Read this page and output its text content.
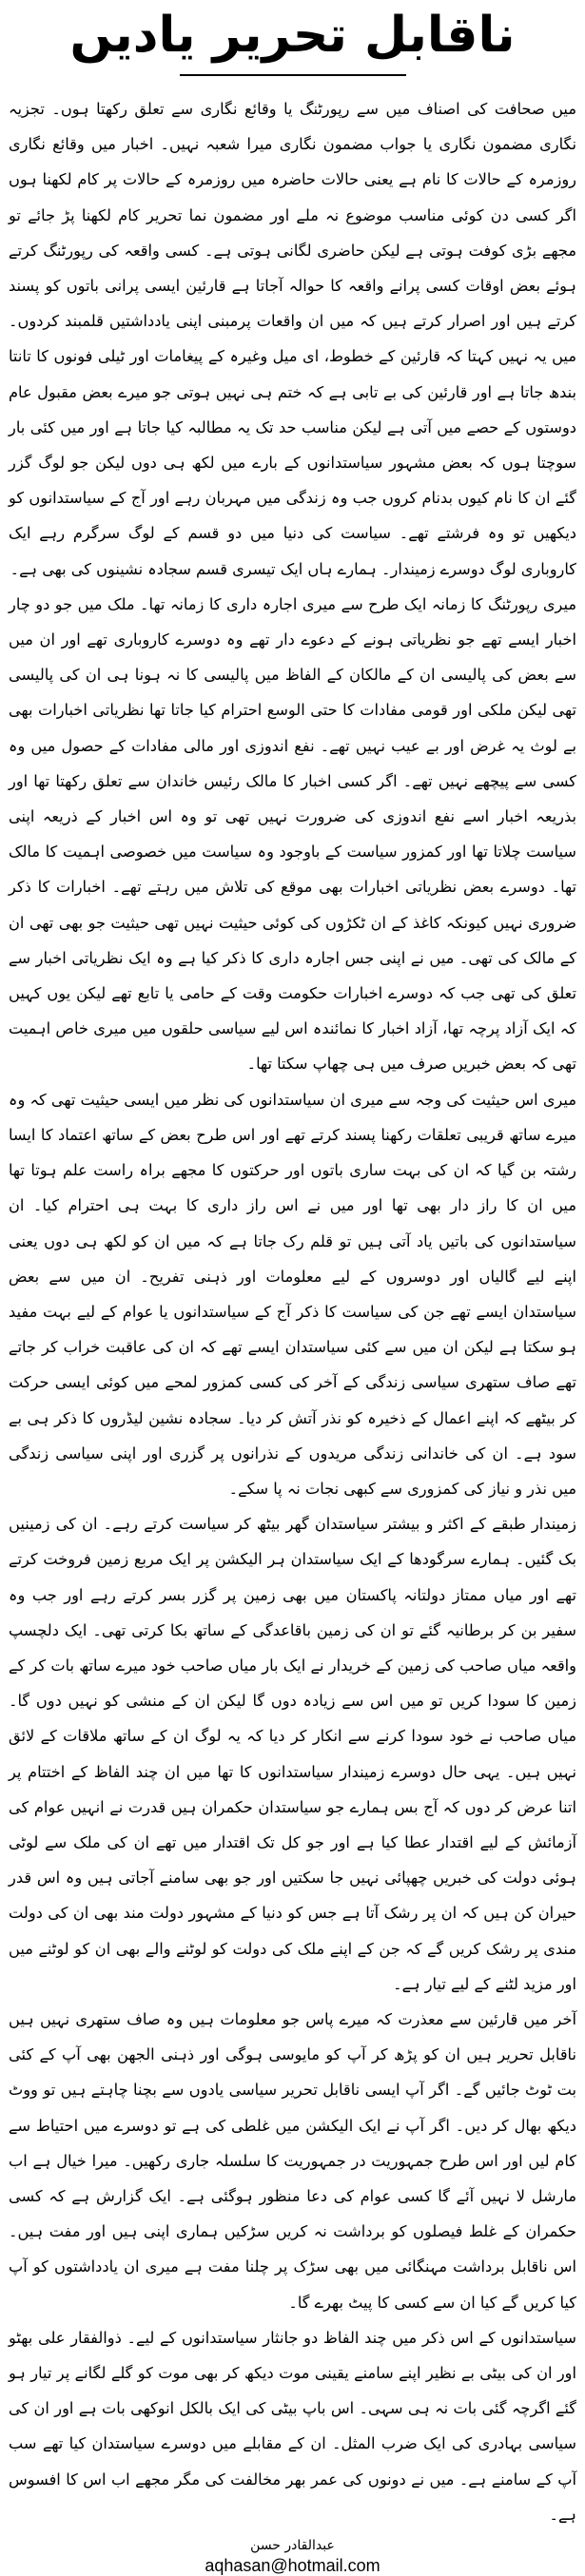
ناقابل تحریر یادیں

میں صحافت کی اصناف میں سے رپورٹنگ یا وقائع نگاری سے تعلق رکھتا ہوں۔ تجزیہ نگاری مضمون نگاری یا جواب مضمون نگاری میرا شعبہ نہیں۔ اخبار میں وقائع نگاری روزمرہ کے حالات کا نام ہے یعنی حالات حاضرہ میں روزمرہ کے حالات پر کام لکھنا ہوں اگر کسی دن کوئی مناسب موضوع نہ ملے اور مضمون نما تحریر کام لکھنا پڑ جائے تو مجھے بڑی کوفت ہوتی ہے لیکن حاضری لگانی ہوتی ہے۔ کسی واقعہ کی رپورٹنگ کرتے ہوئے بعض اوقات کسی پرانے واقعہ کا حوالہ آجاتا ہے قارئین ایسی پرانی باتوں کو پسند کرتے ہیں اور اصرار کرتے ہیں کہ میں ان واقعات پرمبنی اپنی یادداشتیں قلمبند کردوں۔ میں یہ نہیں کہتا کہ قارئین کے خطوط، ای میل وغیرہ کے پیغامات اور ٹیلی فونوں کا تانتا بندھ جاتا ہے اور قارئین کی بے تابی ہے کہ ختم ہی نہیں ہوتی جو میرے بعض مقبول عام دوستوں کے حصے میں آتی ہے لیکن مناسب حد تک یہ مطالبہ کیا جاتا ہے اور میں کئی بار سوچتا ہوں کہ بعض مشہور سیاستدانوں کے بارے میں لکھ ہی دوں لیکن جو لوگ گزر گئے ان کا نام کیوں بدنام کروں جب وہ زندگی میں مہربان رہے اور آج کے سیاستدانوں کو دیکھیں تو وہ فرشتے تھے۔ سیاست کی دنیا میں دو قسم کے لوگ سرگرم رہے ایک کاروباری لوگ دوسرے زمیندار۔ ہمارے ہاں ایک تیسری قسم سجادہ نشینوں کی بھی ہے۔

میری رپورٹنگ کا زمانہ ایک طرح سے میری اجارہ داری کا زمانہ تھا۔ ملک میں جو دو چار اخبار ایسے تھے جو نظریاتی ہونے کے دعوے دار تھے وہ دوسرے کاروباری تھے اور ان میں سے بعض کی پالیسی ان کے مالکان کے الفاظ میں پالیسی کا نہ ہونا ہی ان کی پالیسی تھی لیکن ملکی اور قومی مفادات کا حتی الوسع احترام کیا جاتا تھا نظریاتی اخبارات بھی بے لوث یہ غرض اور بے عیب نہیں تھے۔ نفع اندوزی اور مالی مفادات کے حصول میں وہ کسی سے پیچھے نہیں تھے۔ اگر کسی اخبار کا مالک رئیس خاندان سے تعلق رکھتا تھا اور بذریعہ اخبار اسے نفع اندوزی کی ضرورت نہیں تھی تو وہ اس اخبار کے ذریعہ اپنی سیاست چلاتا تھا اور کمزور سیاست کے باوجود وہ سیاست میں خصوصی اہمیت کا مالک تھا۔ دوسرے بعض نظریاتی اخبارات بھی موقع کی تلاش میں رہتے تھے۔ اخبارات کا ذکر ضروری نہیں کیونکہ کاغذ کے ان ٹکڑوں کی کوئی حیثیت نہیں تھی حیثیت جو بھی تھی ان کے مالک کی تھی۔ میں نے اپنی جس اجارہ داری کا ذکر کیا ہے وہ ایک نظریاتی اخبار سے تعلق کی تھی جب کہ دوسرے اخبارات حکومت وقت کے حامی یا تابع تھے لیکن یوں کہیں کہ ایک آزاد پرچہ تھا، آزاد اخبار کا نمائندہ اس لیے سیاسی حلقوں میں میری خاص اہمیت تھی کہ بعض خبریں صرف میں ہی چھاپ سکتا تھا۔

میری اس حیثیت کی وجہ سے میری ان سیاستدانوں کی نظر میں ایسی حیثیت تھی کہ وہ میرے ساتھ قریبی تعلقات رکھنا پسند کرتے تھے اور اس طرح بعض کے ساتھ اعتماد کا ایسا رشتہ بن گیا کہ ان کی بہت ساری باتوں اور حرکتوں کا مجھے براہ راست علم ہوتا تھا میں ان کا راز دار بھی تھا اور میں نے اس راز داری کا بہت ہی احترام کیا۔ ان سیاستدانوں کی باتیں یاد آتی ہیں تو قلم رک جاتا ہے کہ میں ان کو لکھ ہی دوں یعنی اپنے لیے گالیاں اور دوسروں کے لیے معلومات اور ذہنی تفریح۔ ان میں سے بعض سیاستدان ایسے تھے جن کی سیاست کا ذکر آج کے سیاستدانوں یا عوام کے لیے بہت مفید ہو سکتا ہے لیکن ان میں سے کئی سیاستدان ایسے تھے کہ ان کی عاقبت خراب کر جاتے تھے صاف ستھری سیاسی زندگی کے آخر کی کسی کمزور لمحے میں کوئی ایسی حرکت کر بیٹھے کہ اپنے اعمال کے ذخیرہ کو نذر آتش کر دیا۔ سجادہ نشین لیڈروں کا ذکر ہی بے سود ہے۔ ان کی خاندانی زندگی مریدوں کے نذرانوں پر گزری اور اپنی سیاسی زندگی میں نذر و نیاز کی کمزوری سے کبھی نجات نہ پا سکے۔

زمیندار طبقے کے اکثر و بیشتر سیاستدان گھر بیٹھ کر سیاست کرتے رہے۔ ان کی زمینیں بک گئیں۔ ہمارے سرگودھا کے ایک سیاستدان ہر الیکشن پر ایک مربع زمین فروخت کرتے تھے اور میاں ممتاز دولتانہ پاکستان میں بھی زمین پر گزر بسر کرتے رہے اور جب وہ سفیر بن کر برطانیہ گئے تو ان کی زمین باقاعدگی کے ساتھ بکا کرتی تھی۔ ایک دلچسپ واقعہ میاں صاحب کی زمین کے خریدار نے ایک بار میاں صاحب خود میرے ساتھ بات کر کے زمین کا سودا کریں تو میں اس سے زیادہ دوں گا لیکن ان کے منشی کو نہیں دوں گا۔ میاں صاحب نے خود سودا کرنے سے انکار کر دیا کہ یہ لوگ ان کے ساتھ ملاقات کے لائق نہیں ہیں۔ یہی حال دوسرے زمیندار سیاستدانوں کا تھا میں ان چند الفاظ کے اختتام پر اتنا عرض کر دوں کہ آج بس ہمارے جو سیاستدان حکمران ہیں قدرت نے انہیں عوام کی آزمائش کے لیے اقتدار عطا کیا ہے اور جو کل تک اقتدار میں تھے ان کی ملک سے لوٹی ہوئی دولت کی خبریں چھپائی نہیں جا سکتیں اور جو بھی سامنے آجاتی ہیں وہ اس قدر حیران کن ہیں کہ ان پر رشک آتا ہے جس کو دنیا کے مشہور دولت مند بھی ان کی دولت مندی پر رشک کریں گے کہ جن کے اپنے ملک کی دولت کو لوٹنے والے بھی ان کو لوٹنے میں اور مزید لٹنے کے لیے تیار ہے۔

آخر میں قارئین سے معذرت کہ میرے پاس جو معلومات ہیں وہ صاف ستھری نہیں ہیں ناقابل تحریر ہیں ان کو پڑھ کر آپ کو مایوسی ہوگی اور ذہنی الجھن بھی آپ کے کئی بت ٹوٹ جائیں گے۔ اگر آپ ایسی ناقابل تحریر سیاسی یادوں سے بچنا چاہتے ہیں تو ووٹ دیکھ بھال کر دیں۔ اگر آپ نے ایک الیکشن میں غلطی کی ہے تو دوسرے میں احتیاط سے کام لیں اور اس طرح جمہوریت در جمہوریت کا سلسلہ جاری رکھیں۔ میرا خیال ہے اب مارشل لا نہیں آئے گا کسی عوام کی دعا منظور ہوگئی ہے۔ ایک گزارش ہے کہ کسی حکمران کے غلط فیصلوں کو برداشت نہ کریں سڑکیں ہماری اپنی ہیں اور مفت ہیں۔ اس ناقابل برداشت مہنگائی میں بھی سڑک پر چلنا مفت ہے میری ان یادداشتوں کو آپ کیا کریں گے کیا ان سے کسی کا پیٹ بھرے گا۔

سیاستدانوں کے اس ذکر میں چند الفاظ دو جانثار سیاستدانوں کے لیے۔ ذوالفقار علی بھٹو اور ان کی بیٹی بے نظیر اپنے سامنے یقینی موت دیکھ کر بھی موت کو گلے لگانے پر تیار ہو گئے اگرچہ گئی بات نہ ہی سہی۔ اس باپ بیٹی کی ایک بالکل انوکھی بات ہے اور ان کی سیاسی بہادری کی ایک ضرب المثل۔ ان کے مقابلے میں دوسرے سیاستدان کیا تھے سب آپ کے سامنے ہے۔ میں نے دونوں کی عمر بھر مخالفت کی مگر مجھے اب اس کا افسوس ہے۔

عبدالقادر حسن
aqhasan@hotmail.com
